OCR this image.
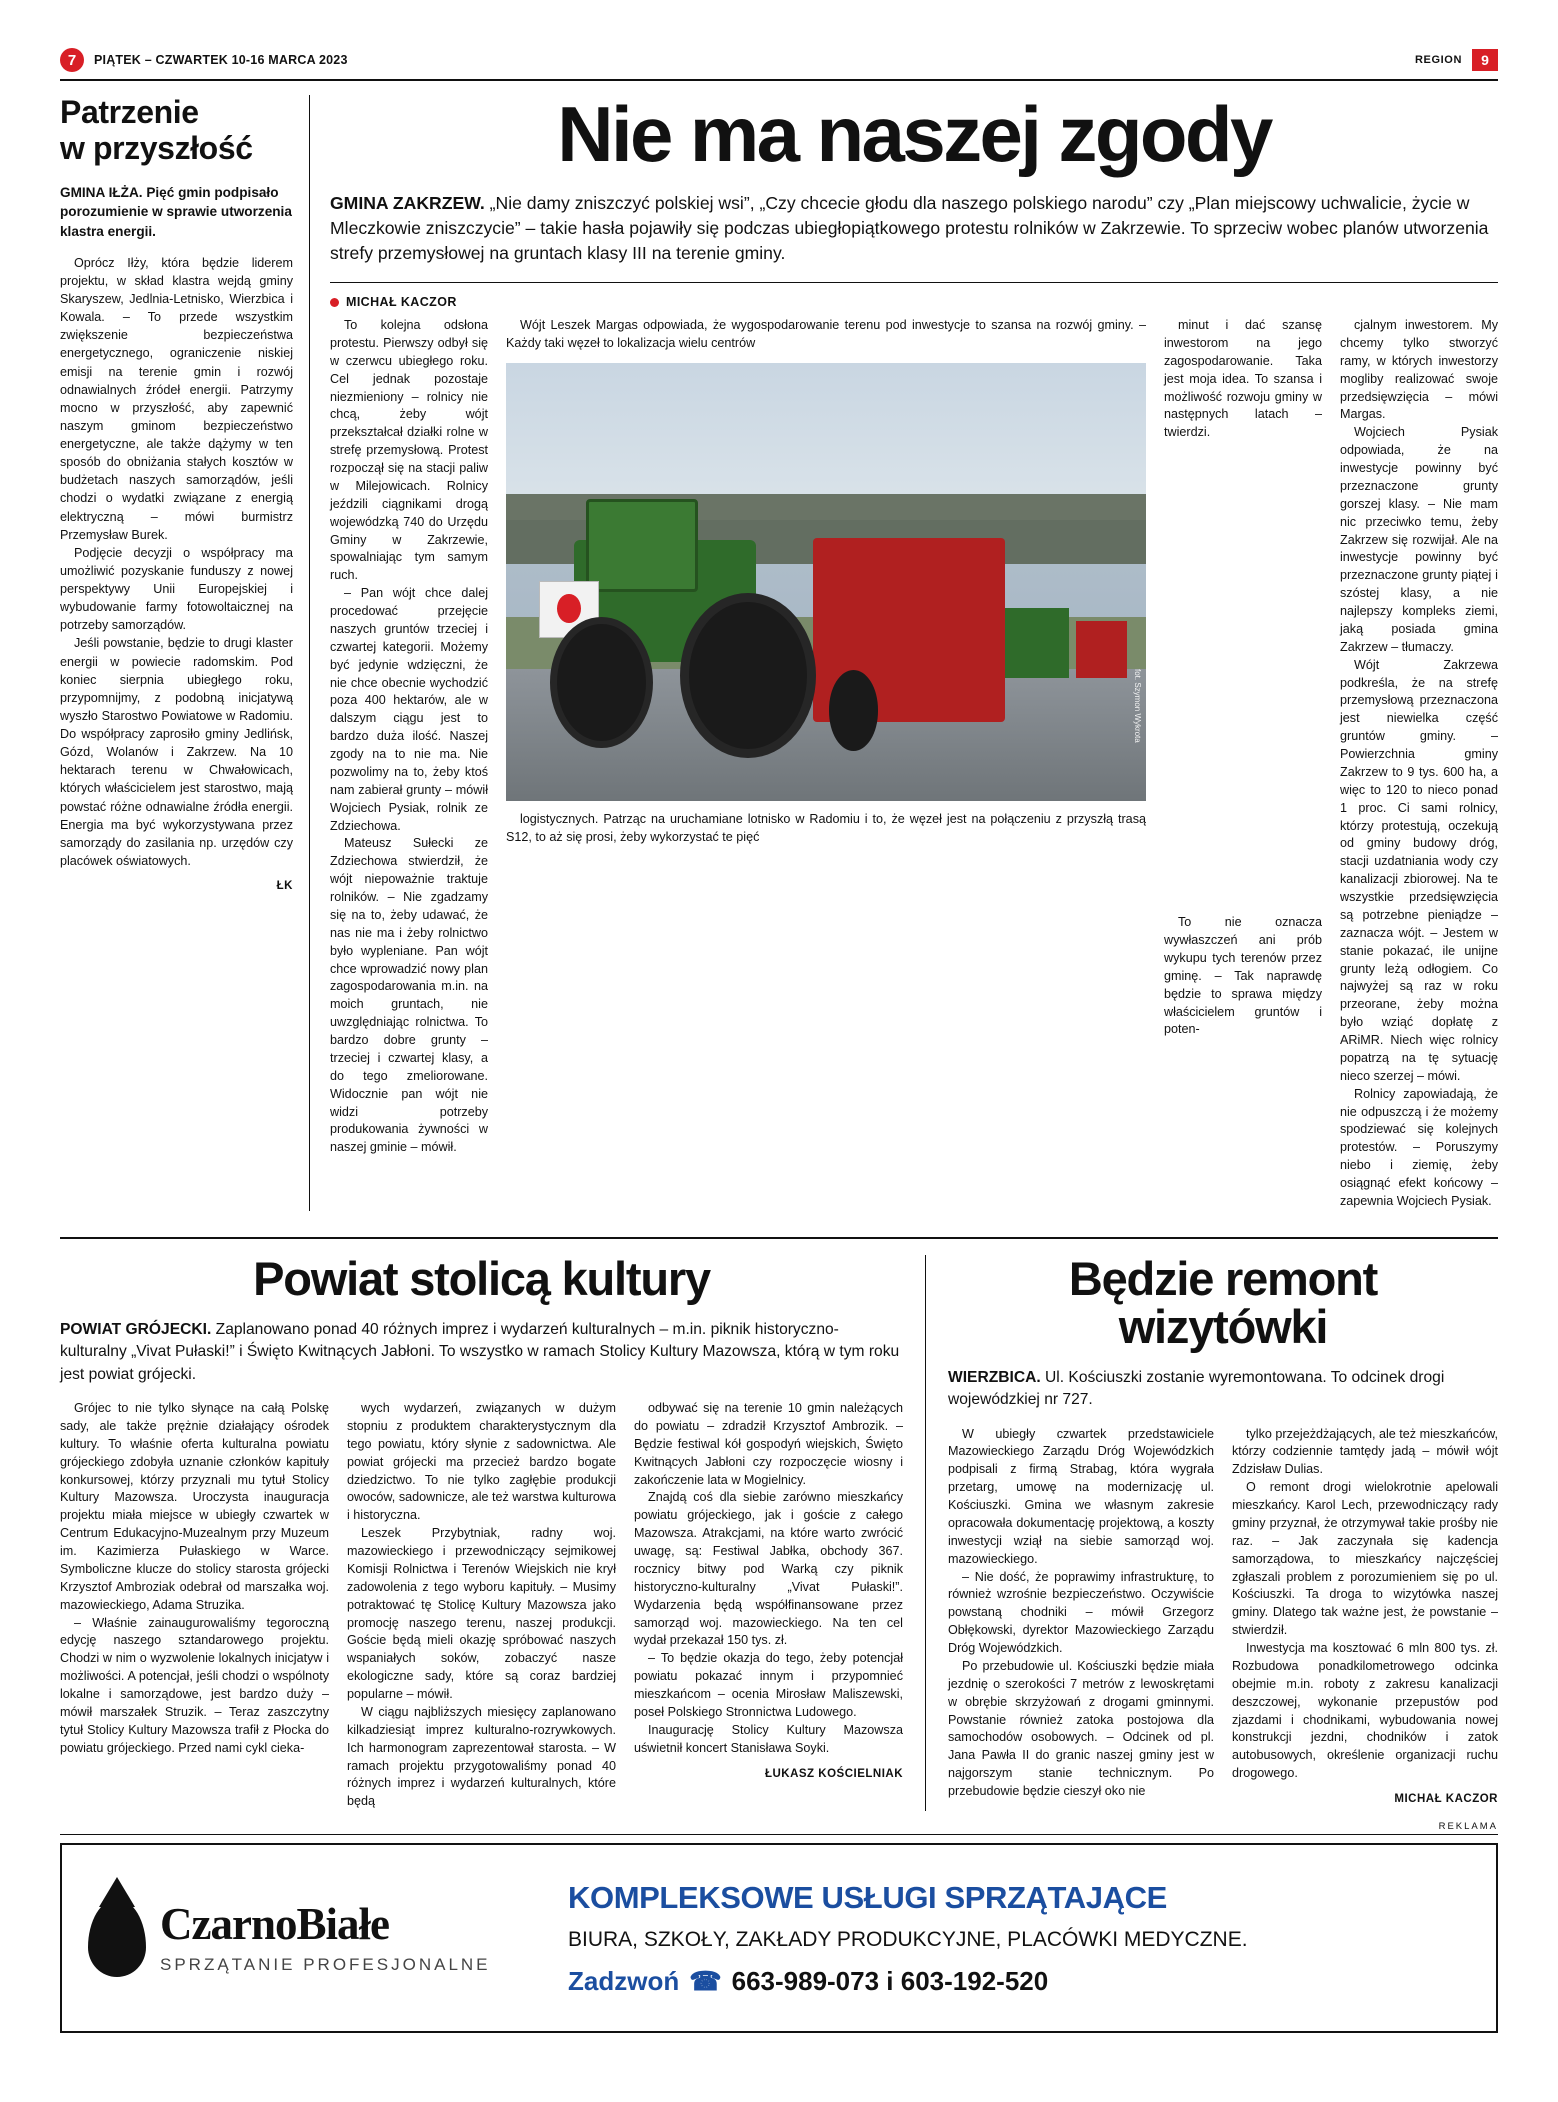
7	PIĄTEK – CZWARTEK 10-16 MARCA 2023	REGION	9
Patrzenie
w przyszłość
GMINA IŁŻA. Pięć gmin podpisało porozumienie w sprawie utworzenia klastra energii.

Oprócz Iłży, która będzie liderem projektu, w skład klastra wejdą gminy Skaryszew, Jedlnia-Letnisko, Wierzbica i Kowala. – To przede wszystkim zwiększenie bezpieczeństwa energetycznego, ograniczenie niskiej emisji na terenie gmin i rozwój odnawialnych źródeł energii. Patrzymy mocno w przyszłość, aby zapewnić naszym gminom bezpieczeństwo energetyczne, ale także dążymy w ten sposób do obniżania stałych kosztów w budżetach naszych samorządów, jeśli chodzi o wydatki związane z energią elektryczną – mówi burmistrz Przemysław Burek.

Podjęcie decyzji o współpracy ma umożliwić pozyskanie funduszy z nowej perspektywy Unii Europejskiej i wybudowanie farmy fotowoltaicznej na potrzeby samorządów.

Jeśli powstanie, będzie to drugi klaster energii w powiecie radomskim. Pod koniec sierpnia ubiegłego roku, przypomnijmy, z podobną inicjatywą wyszło Starostwo Powiatowe w Radomiu. Do współpracy zaprosiło gminy Jedlińsk, Gózd, Wolanów i Zakrzew. Na 10 hektarach terenu w Chwałowicach, których właścicielem jest starostwo, mają powstać różne odnawialne źródła energii. Energia ma być wykorzystywana przez samorządy do zasilania np. urzędów czy placówek oświatowych.

ŁK
Nie ma naszej zgody
GMINA ZAKRZEW. „Nie damy zniszczyć polskiej wsi”, „Czy chcecie głodu dla naszego polskiego narodu” czy „Plan miejscowy uchwalicie, życie w Mleczkowie zniszczycie” – takie hasła pojawiły się podczas ubiegłopiątkowego protestu rolników w Zakrzewie. To sprzeciw wobec planów utworzenia strefy przemysłowej na gruntach klasy III na terenie gminy.
MICHAŁ KACZOR

To kolejna odsłona protestu. Pierwszy odbył się w czerwcu ubiegłego roku. Cel jednak pozostaje niezmieniony – rolnicy nie chcą, żeby wójt przekształcał działki rolne w strefę przemysłową. Protest rozpoczął się na stacji paliw w Milejowicach. Rolnicy jeździli ciągnikami drogą wojewódzką 740 do Urzędu Gminy w Zakrzewie, spowalniając tym samym ruch.

– Pan wójt chce dalej procedować przejęcie naszych gruntów trzeciej i czwartej kategorii. Możemy być jedynie wdzięczni, że nie chce obecnie wychodzić poza 400 hektarów, ale w dalszym ciągu jest to bardzo duża ilość. Naszej zgody na to nie ma. Nie pozwolimy na to, żeby ktoś nam zabierał grunty – mówił Wojciech Pysiak, rolnik ze Zdziechowa.

Mateusz Sułecki ze Zdziechowa stwierdził, że wójt niepoważnie traktuje rolników. – Nie zgadzamy się na to, żeby udawać, że nas nie ma i żeby rolnictwo było wypleniane. Pan wójt chce wprowadzić nowy plan zagospodarowania m.in. na moich gruntach, nie uwzględniając rolnictwa. To bardzo dobre grunty – trzeciej i czwartej klasy, a do tego zmeliorowane. Widocznie pan wójt nie widzi potrzeby produkowania żywności w naszej gminie – mówił.

Wójt Leszek Margas odpowiada, że wygospodarowanie terenu pod inwestycje to szansa na rozwój gminy. – Każdy taki węzeł to lokalizacja wielu centrów

fot. Szymon Wykrota

logistycznych. Patrząc na uruchamiane lotnisko w Radomiu i to, że węzeł jest na połączeniu z przyszłą trasą S12, to aż się prosi, żeby wykorzystać te pięć

minut i dać szansę inwestorom na jego zagospodarowanie. Taka jest moja idea. To szansa i możliwość rozwoju gminy w następnych latach – twierdzi.

To nie oznacza wywłaszczeń ani prób wykupu tych terenów przez gminę. – Tak naprawdę będzie to sprawa między właścicielem gruntów i poten-

cjalnym inwestorem. My chcemy tylko stworzyć ramy, w których inwestorzy mogliby realizować swoje przedsięwzięcia – mówi Margas.

Wojciech Pysiak odpowiada, że na inwestycje powinny być przeznaczone grunty gorszej klasy. – Nie mam nic przeciwko temu, żeby Zakrzew się rozwijał. Ale na inwestycje powinny być przeznaczone grunty piątej i szóstej klasy, a nie najlepszy kompleks ziemi, jaką posiada gmina Zakrzew – tłumaczy.

Wójt Zakrzewa podkreśla, że na strefę przemysłową przeznaczona jest niewielka część gruntów gminy. – Powierzchnia gminy Zakrzew to 9 tys. 600 ha, a więc to 120 to nieco ponad 1 proc. Ci sami rolnicy, którzy protestują, oczekują od gminy budowy dróg, stacji uzdatniania wody czy kanalizacji zbiorowej. Na te wszystkie przedsięwzięcia są potrzebne pieniądze – zaznacza wójt. – Jestem w stanie pokazać, ile unijne grunty leżą odłogiem. Co najwyżej są raz w roku przeorane, żeby można było wziąć dopłatę z ARiMR. Niech więc rolnicy popatrzą na tę sytuację nieco szerzej – mówi.

Rolnicy zapowiadają, że nie odpuszczą i że możemy spodziewać się kolejnych protestów. – Poruszymy niebo i ziemię, żeby osiągnąć efekt końcowy – zapewnia Wojciech Pysiak.

Powiat stolicą kultury
POWIAT GRÓJECKI. Zaplanowano ponad 40 różnych imprez i wydarzeń kulturalnych – m.in. piknik historyczno-kulturalny „Vivat Pułaski!” i Święto Kwitnących Jabłoni. To wszystko w ramach Stolicy Kultury Mazowsza, którą w tym roku jest powiat grójecki.

Grójec to nie tylko słynące na całą Polskę sady, ale także prężnie działający ośrodek kultury. To właśnie oferta kulturalna powiatu grójeckiego zdobyła uznanie członków kapituły konkursowej, którzy przyznali mu tytuł Stolicy Kultury Mazowsza. Uroczysta inauguracja projektu miała miejsce w ubiegły czwartek w Centrum Edukacyjno-Muzealnym przy Muzeum im. Kazimierza Pułaskiego w Warce. Symboliczne klucze do stolicy starosta grójecki Krzysztof Ambroziak odebrał od marszałka woj. mazowieckiego, Adama Struzika.

– Właśnie zainaugurowaliśmy tegoroczną edycję naszego sztandarowego projektu. Chodzi w nim o wyzwolenie lokalnych inicjatyw i możliwości. A potencjał, jeśli chodzi o wspólnoty lokalne i samorządowe, jest bardzo duży – mówił marszałek Struzik. – Teraz zaszczytny tytuł Stolicy Kultury Mazowsza trafił z Płocka do powiatu grójeckiego. Przed nami cykl cieka-

wych wydarzeń, związanych w dużym stopniu z produktem charakterystycznym dla tego powiatu, który słynie z sadownictwa. Ale powiat grójecki ma przecież bardzo bogate dziedzictwo. To nie tylko zagłębie produkcji owoców, sadownicze, ale też warstwa kulturowa i historyczna.

Leszek Przybytniak, radny woj. mazowieckiego i przewodniczący sejmikowej Komisji Rolnictwa i Terenów Wiejskich nie krył zadowolenia z tego wyboru kapituły. – Musimy potraktować tę Stolicę Kultury Mazowsza jako promocję naszego terenu, naszej produkcji. Goście będą mieli okazję spróbować naszych wspaniałych soków, zobaczyć nasze ekologiczne sady, które są coraz bardziej popularne – mówił.

W ciągu najbliższych miesięcy zaplanowano kilkadziesiąt imprez kulturalno-rozrywkowych. Ich harmonogram zaprezentował starosta. – W ramach projektu przygotowaliśmy ponad 40 różnych imprez i wydarzeń kulturalnych, które będą

odbywać się na terenie 10 gmin należących do powiatu – zdradził Krzysztof Ambrozik. – Będzie festiwal kół gospodyń wiejskich, Święto Kwitnących Jabłoni czy rozpoczęcie wiosny i zakończenie lata w Mogielnicy.

Znajdą coś dla siebie zarówno mieszkańcy powiatu grójeckiego, jak i goście z całego Mazowsza. Atrakcjami, na które warto zwrócić uwagę, są: Festiwal Jabłka, obchody 367. rocznicy bitwy pod Warką czy piknik historyczno-kulturalny „Vivat Pułaski!”. Wydarzenia będą współfinansowane przez samorząd woj. mazowieckiego. Na ten cel wydał przekazał 150 tys. zł.

– To będzie okazja do tego, żeby potencjał powiatu pokazać innym i przypomnieć mieszkańcom – ocenia Mirosław Maliszewski, poseł Polskiego Stronnictwa Ludowego.

Inaugurację Stolicy Kultury Mazowsza uświetnił koncert Stanisława Soyki.

ŁUKASZ KOŚCIELNIAK
Będzie remont
wizytówki
WIERZBICA. Ul. Kościuszki zostanie wyremontowana. To odcinek drogi wojewódzkiej nr 727.

W ubiegły czwartek przedstawiciele Mazowieckiego Zarządu Dróg Wojewódzkich podpisali z firmą Strabag, która wygrała przetarg, umowę na modernizację ul. Kościuszki. Gmina we własnym zakresie opracowała dokumentację projektową, a koszty inwestycji wziął na siebie samorząd woj. mazowieckiego.

– Nie dość, że poprawimy infrastrukturę, to również wzrośnie bezpieczeństwo. Oczywiście powstaną chodniki – mówił Grzegorz Obłękowski, dyrektor Mazowieckiego Zarządu Dróg Wojewódzkich.

Po przebudowie ul. Kościuszki będzie miała jezdnię o szerokości 7 metrów z lewoskrętami w obrębie skrzyżowań z drogami gminnymi. Powstanie również zatoka postojowa dla samochodów osobowych. – Odcinek od pl. Jana Pawła II do granic naszej gminy jest w najgorszym stanie technicznym. Po przebudowie będzie cieszył oko nie

tylko przejeżdżających, ale też mieszkańców, którzy codziennie tamtędy jadą – mówił wójt Zdzisław Dulias.

O remont drogi wielokrotnie apelowali mieszkańcy. Karol Lech, przewodniczący rady gminy przyznał, że otrzymywał takie prośby nie raz. – Jak zaczynała się kadencja samorządowa, to mieszkańcy najczęściej zgłaszali problem z porozumieniem się po ul. Kościuszki. Ta droga to wizytówka naszej gminy. Dlatego tak ważne jest, że powstanie – stwierdził.

Inwestycja ma kosztować 6 mln 800 tys. zł. Rozbudowa ponadkilometrowego odcinka obejmie m.in. roboty z zakresu kanalizacji deszczowej, wykonanie przepustów pod zjazdami i chodnikami, wybudowania nowej konstrukcji jezdni, chodników i zatok autobusowych, określenie organizacji ruchu drogowego.

MICHAŁ KACZOR
REKLAMA
CzarnoBiałe
SPRZĄTANIE PROFESJONALNE
KOMPLEKSOWE USŁUGI SPRZĄTAJĄCE
BIURA, SZKOŁY, ZAKŁADY PRODUKCYJNE, PLACÓWKI MEDYCZNE.
Zadzwoń ☎ 663-989-073 i 603-192-520
